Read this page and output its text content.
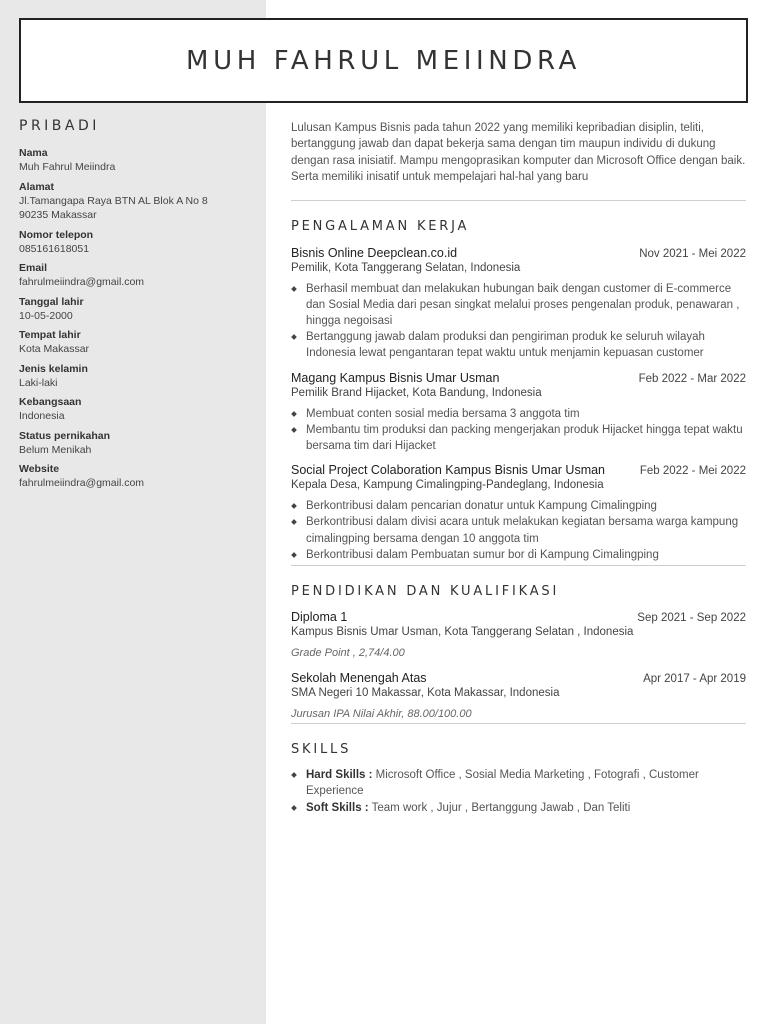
MUH FAHRUL MEIINDRA
PRIBADI
Nama
Muh Fahrul Meiindra
Alamat
Jl.Tamangapa Raya BTN AL Blok A No 8
90235 Makassar
Nomor telepon
085161618051
Email
fahrulmeiindra@gmail.com
Tanggal lahir
10-05-2000
Tempat lahir
Kota Makassar
Jenis kelamin
Laki-laki
Kebangsaan
Indonesia
Status pernikahan
Belum Menikah
Website
fahrulmeiindra@gmail.com
Lulusan Kampus Bisnis pada tahun 2022 yang memiliki kepribadian disiplin, teliti, bertanggung jawab dan dapat bekerja sama dengan tim maupun individu di dukung dengan rasa inisiatif. Mampu mengoprasikan komputer dan Microsoft Office dengan baik. Serta memiliki inisatif untuk mempelajari hal-hal yang baru
PENGALAMAN KERJA
Bisnis Online Deepclean.co.id	Nov 2021 - Mei 2022
Pemilik, Kota Tanggerang Selatan, Indonesia
Berhasil membuat dan melakukan hubungan baik dengan customer di E-commerce dan Sosial Media dari pesan singkat melalui proses pengenalan produk, penawaran , hingga negoisasi
Bertanggung jawab dalam produksi dan pengiriman produk ke seluruh wilayah Indonesia lewat pengantaran tepat waktu untuk menjamin kepuasan customer
Magang Kampus Bisnis Umar Usman	Feb 2022 - Mar 2022
Pemilik Brand Hijacket, Kota Bandung, Indonesia
Membuat conten sosial media bersama 3 anggota tim
Membantu tim produksi dan packing mengerjakan produk Hijacket hingga tepat waktu bersama tim dari Hijacket
Social Project Colaboration Kampus Bisnis Umar Usman	Feb 2022 - Mei 2022
Kepala Desa, Kampung Cimalingping-Pandeglang, Indonesia
Berkontribusi dalam pencarian donatur untuk Kampung Cimalingping
Berkontribusi dalam divisi acara untuk melakukan kegiatan bersama warga kampung cimalingping bersama dengan 10 anggota tim
Berkontribusi dalam Pembuatan sumur bor di Kampung Cimalingping
PENDIDIKAN DAN KUALIFIKASI
Diploma 1	Sep 2021 - Sep 2022
Kampus Bisnis Umar Usman, Kota Tanggerang Selatan , Indonesia
Grade Point , 2,74/4.00
Sekolah Menengah Atas	Apr 2017 - Apr 2019
SMA Negeri 10 Makassar, Kota Makassar, Indonesia
Jurusan IPA Nilai Akhir, 88.00/100.00
SKILLS
Hard Skills : Microsoft Office , Sosial Media Marketing , Fotografi , Customer Experience
Soft Skills : Team work , Jujur , Bertanggung Jawab , Dan Teliti
